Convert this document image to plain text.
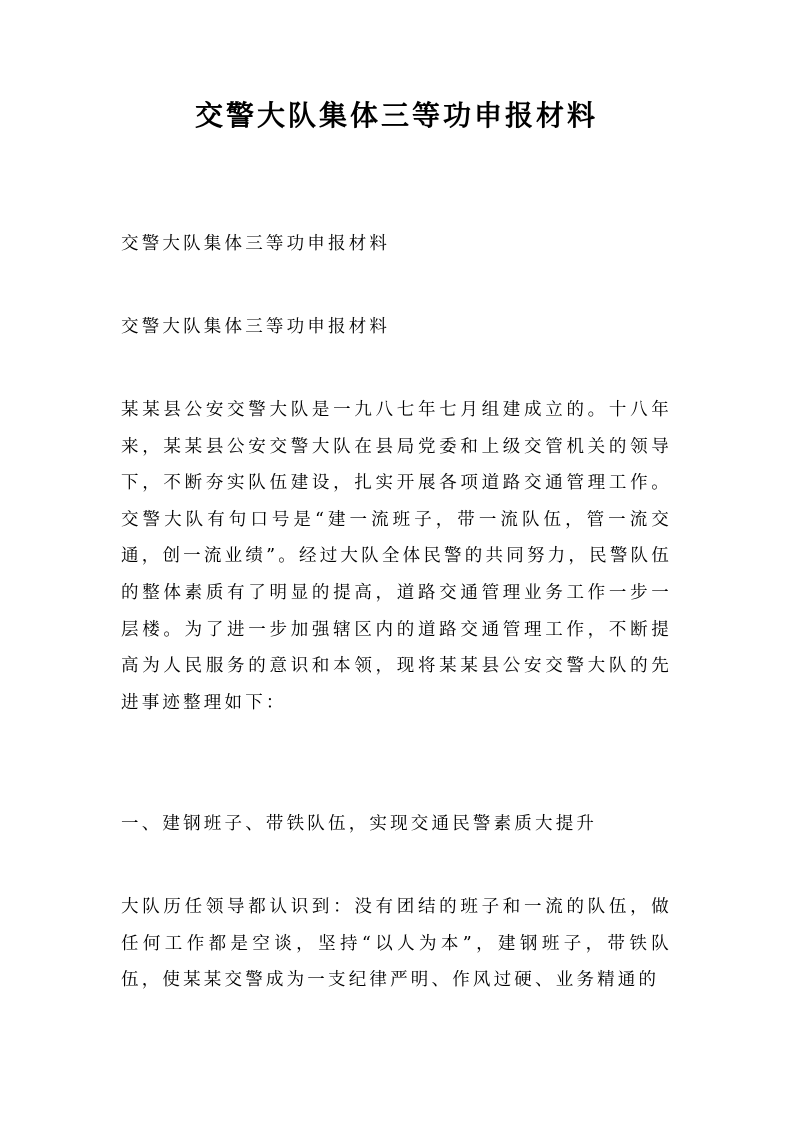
交警大队集体三等功申报材料

交警大队集体三等功申报材料

交警大队集体三等功申报材料

某某县公安交警大队是一九八七年七月组建成立的。十八年来，某某县公安交警大队在县局党委和上级交管机关的领导下，不断夯实队伍建设，扎实开展各项道路交通管理工作。交警大队有句口号是“建一流班子，带一流队伍，管一流交通，创一流业绩”。经过大队全体民警的共同努力，民警队伍的整体素质有了明显的提高，道路交通管理业务工作一步一层楼。为了进一步加强辖区内的道路交通管理工作，不断提高为人民服务的意识和本领，现将某某县公安交警大队的先进事迹整理如下：

一、建钢班子、带铁队伍，实现交通民警素质大提升

大队历任领导都认识到：没有团结的班子和一流的队伍，做任何工作都是空谈，坚持“以人为本”，建钢班子，带铁队伍，使某某交警成为一支纪律严明、作风过硬、业务精通的
